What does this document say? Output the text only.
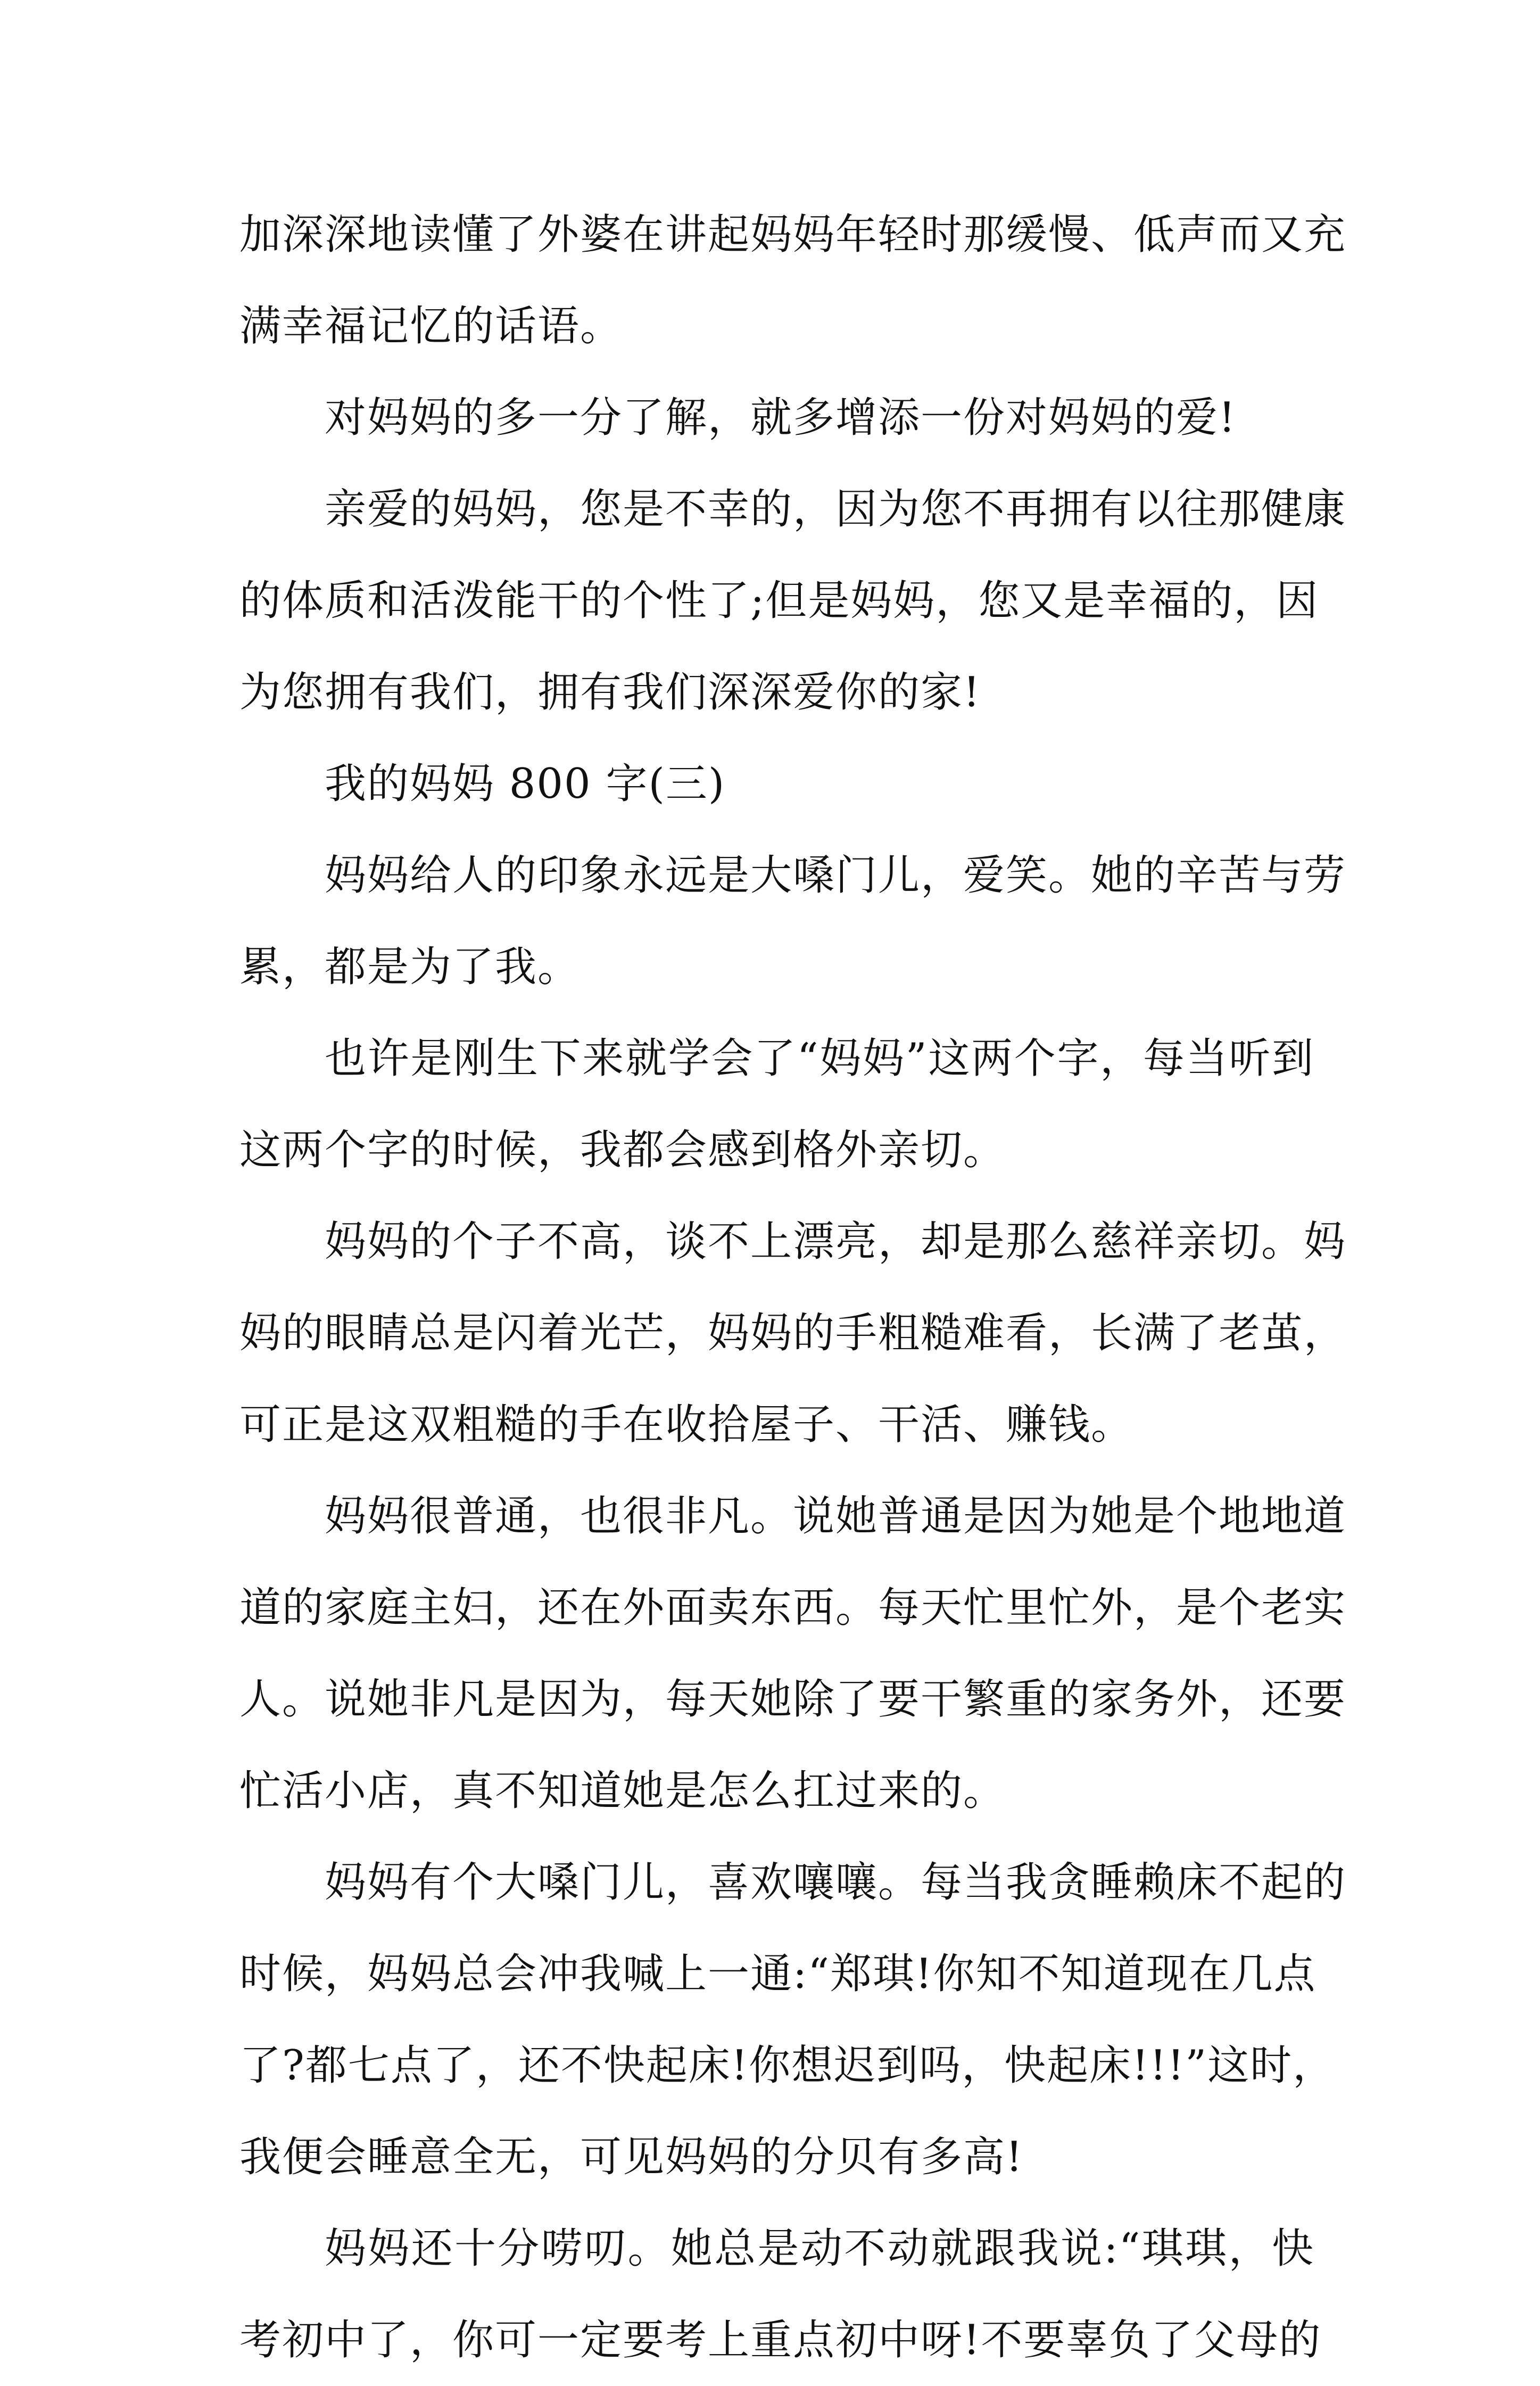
加深深地读懂了外婆在讲起妈妈年轻时那缓慢、低声而又充
满幸福记忆的话语。
对妈妈的多一分了解，就多增添一份对妈妈的爱!
亲爱的妈妈，您是不幸的，因为您不再拥有以往那健康
的体质和活泼能干的个性了;但是妈妈，您又是幸福的，因
为您拥有我们，拥有我们深深爱你的家!
我的妈妈 800 字(三)
妈妈给人的印象永远是大嗓门儿，爱笑。她的辛苦与劳
累，都是为了我。
也许是刚生下来就学会了“妈妈”这两个字，每当听到
这两个字的时候，我都会感到格外亲切。
妈妈的个子不高，谈不上漂亮，却是那么慈祥亲切。妈
妈的眼睛总是闪着光芒，妈妈的手粗糙难看，长满了老茧，
可正是这双粗糙的手在收拾屋子、干活、赚钱。
妈妈很普通，也很非凡。说她普通是因为她是个地地道
道的家庭主妇，还在外面卖东西。每天忙里忙外，是个老实
人。说她非凡是因为，每天她除了要干繁重的家务外，还要
忙活小店，真不知道她是怎么扛过来的。
妈妈有个大嗓门儿，喜欢嚷嚷。每当我贪睡赖床不起的
时候，妈妈总会冲我喊上一通:“郑琪!你知不知道现在几点
了?都七点了，还不快起床!你想迟到吗，快起床!!!”这时，
我便会睡意全无，可见妈妈的分贝有多高!
妈妈还十分唠叨。她总是动不动就跟我说:“琪琪，快
考初中了，你可一定要考上重点初中呀!不要辜负了父母的
